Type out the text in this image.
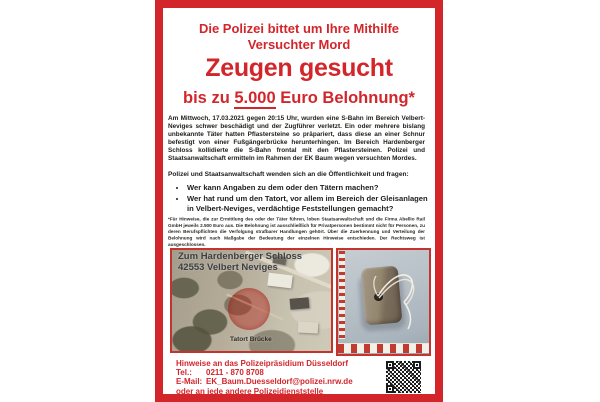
Die Polizei bittet um Ihre Mithilfe
Versuchter Mord
Zeugen gesucht
bis zu 5.000 Euro Belohnung*

Am Mittwoch, 17.03.2021 gegen 20:15 Uhr, wurden eine S-Bahn im Bereich Velbert-Neviges schwer beschädigt und der Zugführer verletzt. Ein oder mehrere bislang unbekannte Täter hatten Pflastersteine so präpariert, dass diese an einer Schnur befestigt von einer Fußgängerbrücke herunterhingen. Im Bereich Hardenberger Schloss kollidierte die S-Bahn frontal mit den Pflastersteinen. Polizei und Staatsanwaltschaft ermitteln im Rahmen der EK Baum wegen versuchten Mordes.

Polizei und Staatsanwaltschaft wenden sich an die Öffentlichkeit und fragen:

• Wer kann Angaben zu dem oder den Tätern machen?
• Wer hat rund um den Tatort, vor allem im Bereich der Gleisanlagen in Velbert-Neviges, verdächtige Feststellungen gemacht?

*Für Hinweise, die zur Ermittlung des oder der Täter führen, loben Staatsanwaltschaft und die Firma Abellio Rail GmbH jeweils 2.500 Euro aus. Die Belohnung ist ausschließlich für Privatpersonen bestimmt nicht für Personen, zu deren Berufspflichten die Verfolgung strafbarer Handlungen gehört. Über die Zuerkennung und Verteilung der Belohnung wird nach Maßgabe der Bedeutung der einzelnen Hinweise entschieden. Der Rechtsweg ist ausgeschlossen.

Zum Hardenberger Schloss
42553 Velbert Neviges
Tatort Brücke
Hinweise an das Polizeipräsidium Düsseldorf
Tel.: 0211 - 870 8708
E-Mail: EK_Baum.Duesseldorf@polizei.nrw.de
oder an jede andere Polizeidienststelle
